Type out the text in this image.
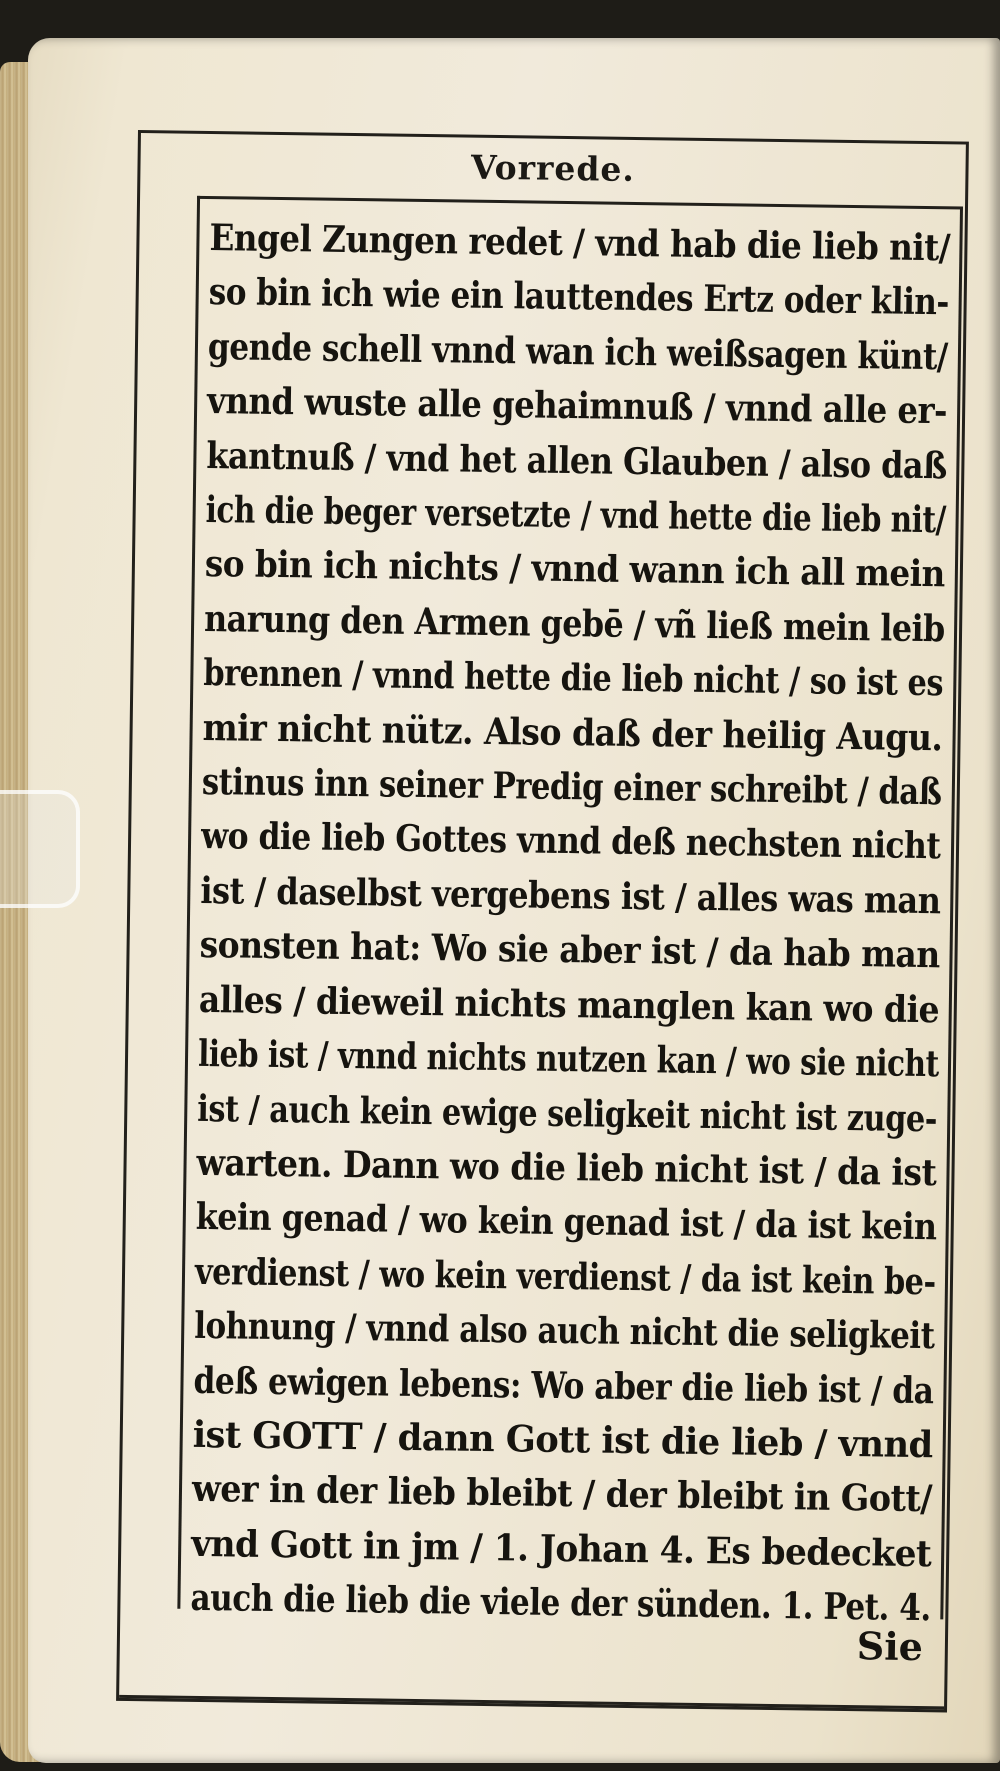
Vorrede.
Engel Zungen redet / vnd hab die lieb nit/
so bin ich wie ein lauttendes Ertz oder klin-
gende schell vnnd wan ich weißsagen künt/
vnnd wuste alle gehaimnuß / vnnd alle er-
kantnuß / vnd het allen Glauben / also daß
ich die beger versetzte / vnd hette die lieb nit/
so bin ich nichts / vnnd wann ich all mein
narung den Armen gebē / vñ ließ mein leib
brennen / vnnd hette die lieb nicht / so ist es
mir nicht nütz. Also daß der heilig Augu.
stinus inn seiner Predig einer schreibt / daß
wo die lieb Gottes vnnd deß nechsten nicht
ist / daselbst vergebens ist / alles was man
sonsten hat: Wo sie aber ist / da hab man
alles / dieweil nichts manglen kan wo die
lieb ist / vnnd nichts nutzen kan / wo sie nicht
ist / auch kein ewige seligkeit nicht ist zuge-
warten. Dann wo die lieb nicht ist / da ist
kein genad / wo kein genad ist / da ist kein
verdienst / wo kein verdienst / da ist kein be-
lohnung / vnnd also auch nicht die seligkeit
deß ewigen lebens: Wo aber die lieb ist / da
ist GOTT / dann Gott ist die lieb / vnnd
wer in der lieb bleibt / der bleibt in Gott/
vnd Gott in jm / 1. Johan 4. Es bedecket
auch die lieb die viele der sünden. 1. Pet. 4.
Sie
